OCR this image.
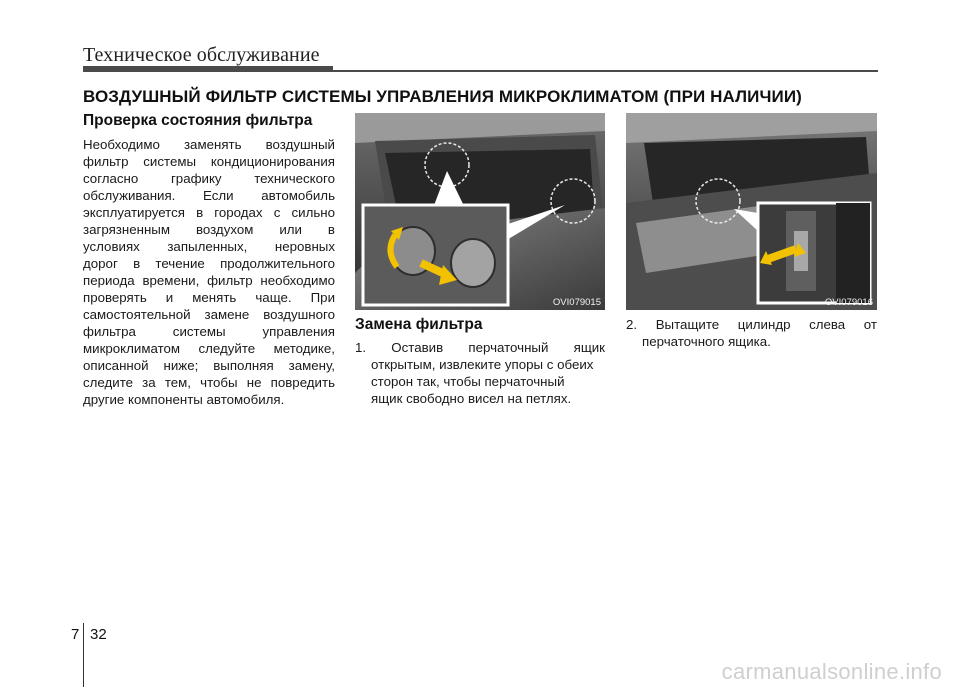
Техническое обслуживание
ВОЗДУШНЫЙ ФИЛЬТР СИСТЕМЫ УПРАВЛЕНИЯ МИКРОКЛИМАТОМ (ПРИ НАЛИЧИИ)
Проверка состояния фильтра
Необходимо заменять воздушный
фильтр системы кондиционирования
согласно графику технического
обслуживания. Если автомобиль
эксплуатируется в городах с сильно
загрязненным воздухом или в
условиях запыленных, неровных
дорог в течение продолжительного
периода времени, фильтр необходимо
проверять и менять чаще. При
самостоятельной замене воздушного
фильтра системы управления
микроклиматом следуйте методике,
описанной ниже; выполняя замену,
следите за тем, чтобы не повредить
другие компоненты автомобиля.
OVI079015	OVI079016
Замена фильтра
1. Оставив перчаточный ящик
открытым, извлеките упоры с обеих
сторон так, чтобы перчаточный
ящик свободно висел на петлях.
2. Вытащите цилиндр слева от
перчаточного ящика.
7 32
carmanualsonline.info
